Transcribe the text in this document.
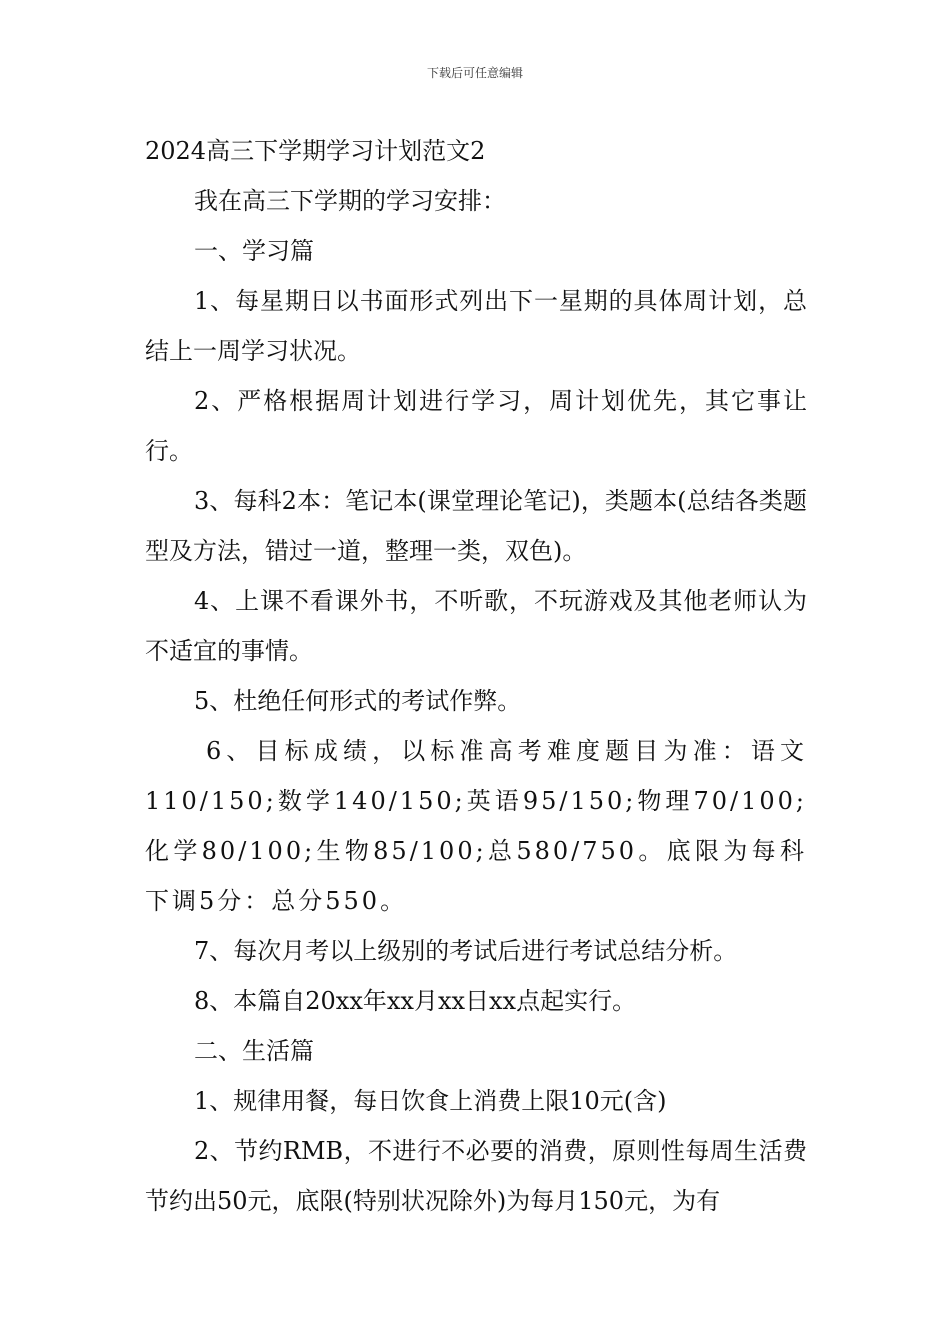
下载后可任意编辑

2024高三下学期学习计划范文2

我在高三下学期的学习安排：

一、学习篇

1、每星期日以书面形式列出下一星期的具体周计划，总结上一周学习状况。

2、严格根据周计划进行学习，周计划优先，其它事让行。

3、每科2本：笔记本(课堂理论笔记)，类题本(总结各类题型及方法，错过一道，整理一类，双色)。

4、上课不看课外书，不听歌，不玩游戏及其他老师认为不适宜的事情。

5、杜绝任何形式的考试作弊。

6、目标成绩，以标准高考难度题目为准：语文110/150;数学140/150;英语95/150;物理70/100;化学80/100;生物85/100;总580/750。底限为每科下调5分：总分550。

7、每次月考以上级别的考试后进行考试总结分析。

8、本篇自20xx年xx月xx日xx点起实行。

二、生活篇

1、规律用餐，每日饮食上消费上限10元(含)

2、节约RMB，不进行不必要的消费，原则性每周生活费节约出50元，底限(特别状况除外)为每月150元，为有
